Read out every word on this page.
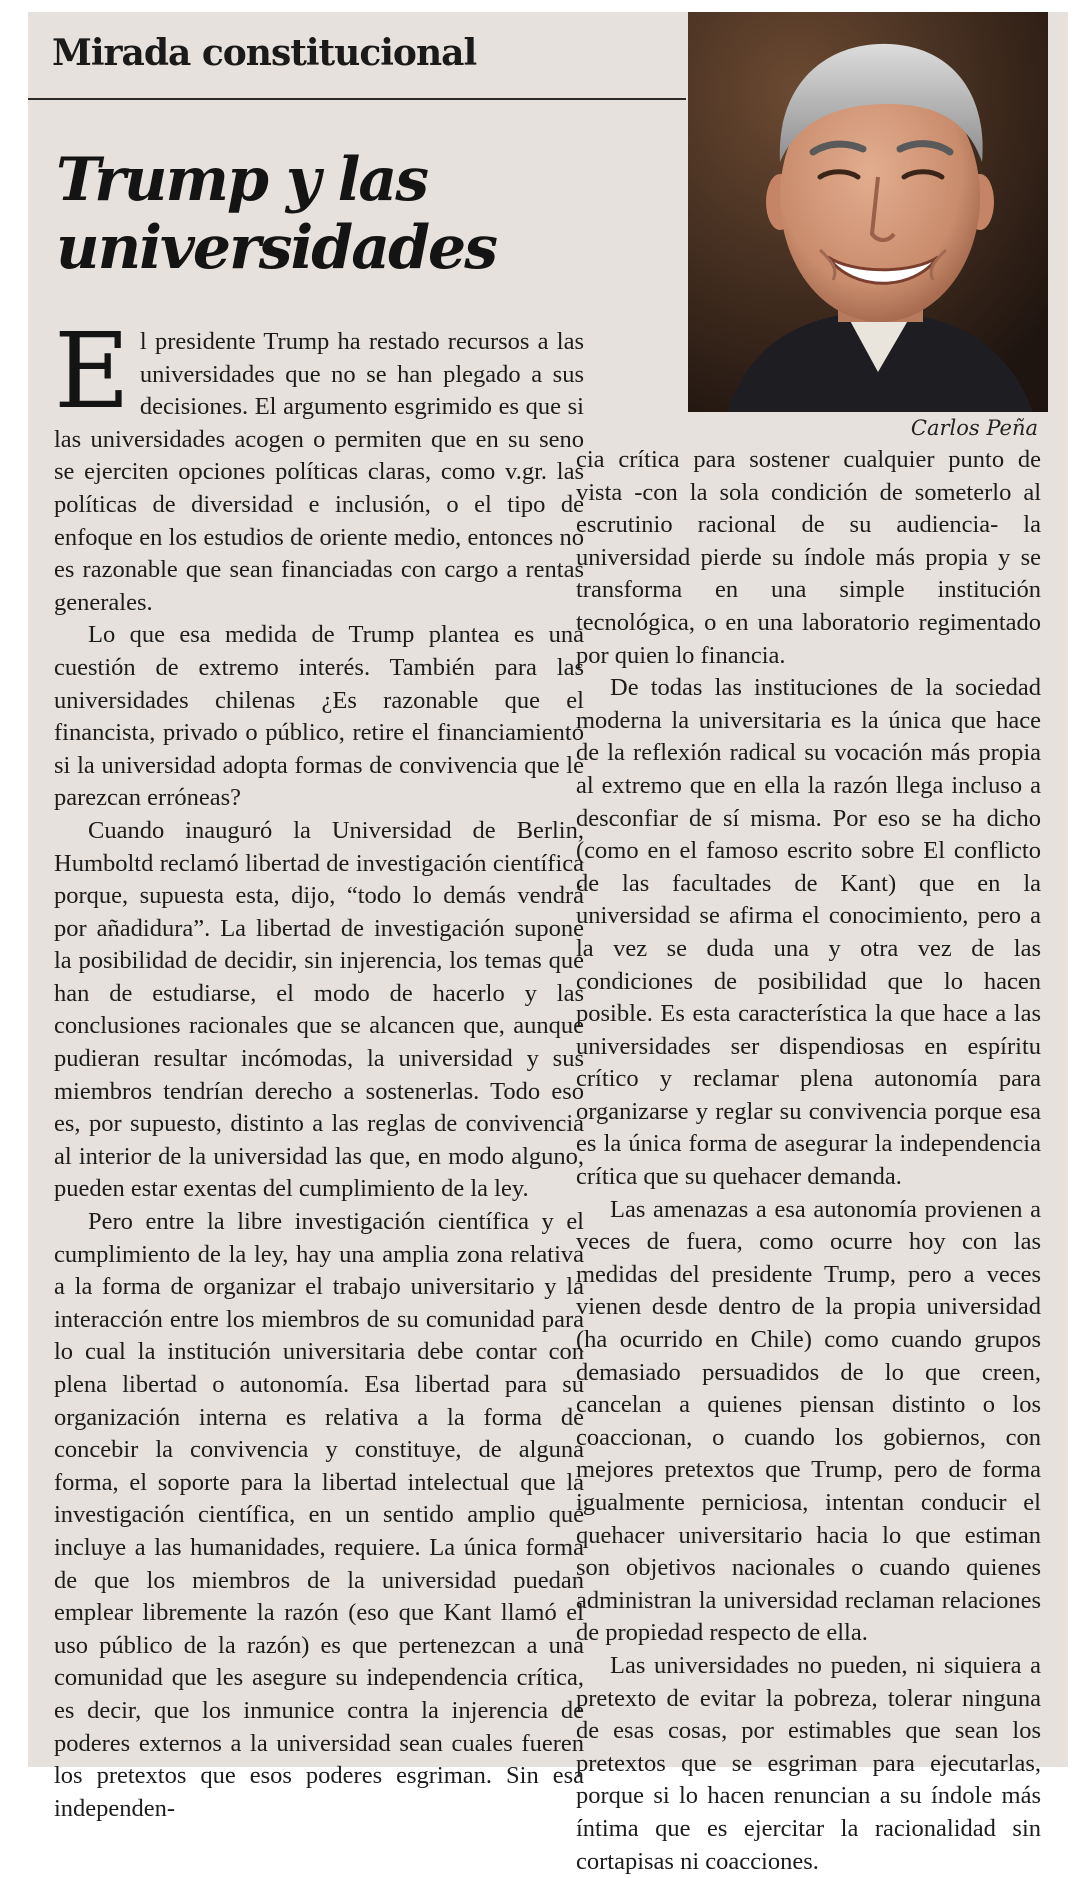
Mirada constitucional
Trump y las universidades
Carlos Peña

El presidente Trump ha restado recursos a las universidades que no se han plegado a sus decisiones. El argumento esgrimido es que si las universidades acogen o permiten que en su seno se ejerciten opciones políticas claras, como v.gr. las políticas de diversidad e inclusión, o el tipo de enfoque en los estudios de oriente medio, entonces no es razonable que sean financiadas con cargo a rentas generales.

Lo que esa medida de Trump plantea es una cuestión de extremo interés. También para las universidades chilenas ¿Es razonable que el financista, privado o público, retire el financiamiento si la universidad adopta formas de convivencia que le parezcan erróneas?

Cuando inauguró la Universidad de Berlin, Humboltd reclamó libertad de investigación científica porque, supuesta esta, dijo, “todo lo demás vendrá por añadidura”. La libertad de investigación supone la posibilidad de decidir, sin injerencia, los temas que han de estudiarse, el modo de hacerlo y las conclusiones racionales que se alcancen que, aunque pudieran resultar incómodas, la universidad y sus miembros tendrían derecho a sostenerlas. Todo eso es, por supuesto, distinto a las reglas de convivencia al interior de la universidad las que, en modo alguno, pueden estar exentas del cumplimiento de la ley.

Pero entre la libre investigación científica y el cumplimiento de la ley, hay una amplia zona relativa a la forma de organizar el trabajo universitario y la interacción entre los miembros de su comunidad para lo cual la institución universitaria debe contar con plena libertad o autonomía. Esa libertad para su organización interna es relativa a la forma de concebir la convivencia y constituye, de alguna forma, el soporte para la libertad intelectual que la investigación científica, en un sentido amplio que incluye a las humanidades, requiere. La única forma de que los miembros de la universidad puedan emplear libremente la razón (eso que Kant llamó el uso público de la razón) es que pertenezcan a una comunidad que les asegure su independencia crítica, es decir, que los inmunice contra la injerencia de poderes externos a la universidad sean cuales fueren los pretextos que esos poderes esgriman. Sin esa independen-

cia crítica para sostener cualquier punto de vista -con la sola condición de someterlo al escrutinio racional de su audiencia- la universidad pierde su índole más propia y se transforma en una simple institución tecnológica, o en una laboratorio regimentado por quien lo financia.

De todas las instituciones de la sociedad moderna la universitaria es la única que hace de la reflexión radical su vocación más propia al extremo que en ella la razón llega incluso a desconfiar de sí misma. Por eso se ha dicho (como en el famoso escrito sobre El conflicto de las facultades de Kant) que en la universidad se afirma el conocimiento, pero a la vez se duda una y otra vez de las condiciones de posibilidad que lo hacen posible. Es esta característica la que hace a las universidades ser dispendiosas en espíritu crítico y reclamar plena autonomía para organizarse y reglar su convivencia porque esa es la única forma de asegurar la independencia crítica que su quehacer demanda.

Las amenazas a esa autonomía provienen a veces de fuera, como ocurre hoy con las medidas del presidente Trump, pero a veces vienen desde dentro de la propia universidad (ha ocurrido en Chile) como cuando grupos demasiado persuadidos de lo que creen, cancelan a quienes piensan distinto o los coaccionan, o cuando los gobiernos, con mejores pretextos que Trump, pero de forma igualmente perniciosa, intentan conducir el quehacer universitario hacia lo que estiman son objetivos nacionales o cuando quienes administran la universidad reclaman relaciones de propiedad respecto de ella.

Las universidades no pueden, ni siquiera a pretexto de evitar la pobreza, tolerar ninguna de esas cosas, por estimables que sean los pretextos que se esgriman para ejecutarlas, porque si lo hacen renuncian a su índole más íntima que es ejercitar la racionalidad sin cortapisas ni coacciones.
